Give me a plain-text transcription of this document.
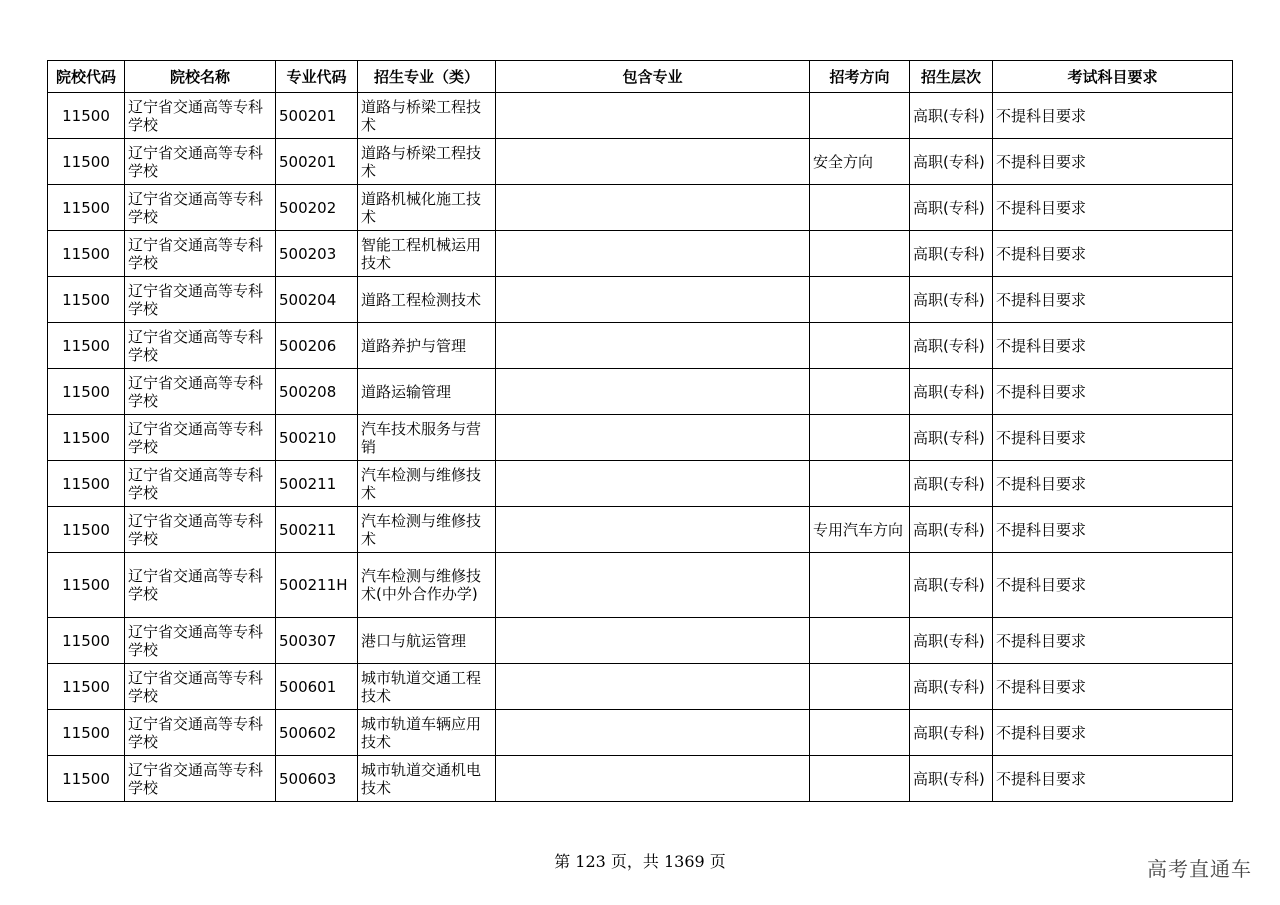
院校代码	院校名称	专业代码	招生专业（类）	包含专业	招考方向	招生层次	考试科目要求
11500	辽宁省交通高等专科学校	500201	道路与桥梁工程技术			高职(专科)	不提科目要求
11500	辽宁省交通高等专科学校	500201	道路与桥梁工程技术		安全方向	高职(专科)	不提科目要求
11500	辽宁省交通高等专科学校	500202	道路机械化施工技术			高职(专科)	不提科目要求
11500	辽宁省交通高等专科学校	500203	智能工程机械运用技术			高职(专科)	不提科目要求
11500	辽宁省交通高等专科学校	500204	道路工程检测技术			高职(专科)	不提科目要求
11500	辽宁省交通高等专科学校	500206	道路养护与管理			高职(专科)	不提科目要求
11500	辽宁省交通高等专科学校	500208	道路运输管理			高职(专科)	不提科目要求
11500	辽宁省交通高等专科学校	500210	汽车技术服务与营销			高职(专科)	不提科目要求
11500	辽宁省交通高等专科学校	500211	汽车检测与维修技术			高职(专科)	不提科目要求
11500	辽宁省交通高等专科学校	500211	汽车检测与维修技术		专用汽车方向	高职(专科)	不提科目要求
11500	辽宁省交通高等专科学校	500211H	汽车检测与维修技术(中外合作办学)			高职(专科)	不提科目要求
11500	辽宁省交通高等专科学校	500307	港口与航运管理			高职(专科)	不提科目要求
11500	辽宁省交通高等专科学校	500601	城市轨道交通工程技术			高职(专科)	不提科目要求
11500	辽宁省交通高等专科学校	500602	城市轨道车辆应用技术			高职(专科)	不提科目要求
11500	辽宁省交通高等专科学校	500603	城市轨道交通机电技术			高职(专科)	不提科目要求
第 123 页，共 1369 页	高考直通车
